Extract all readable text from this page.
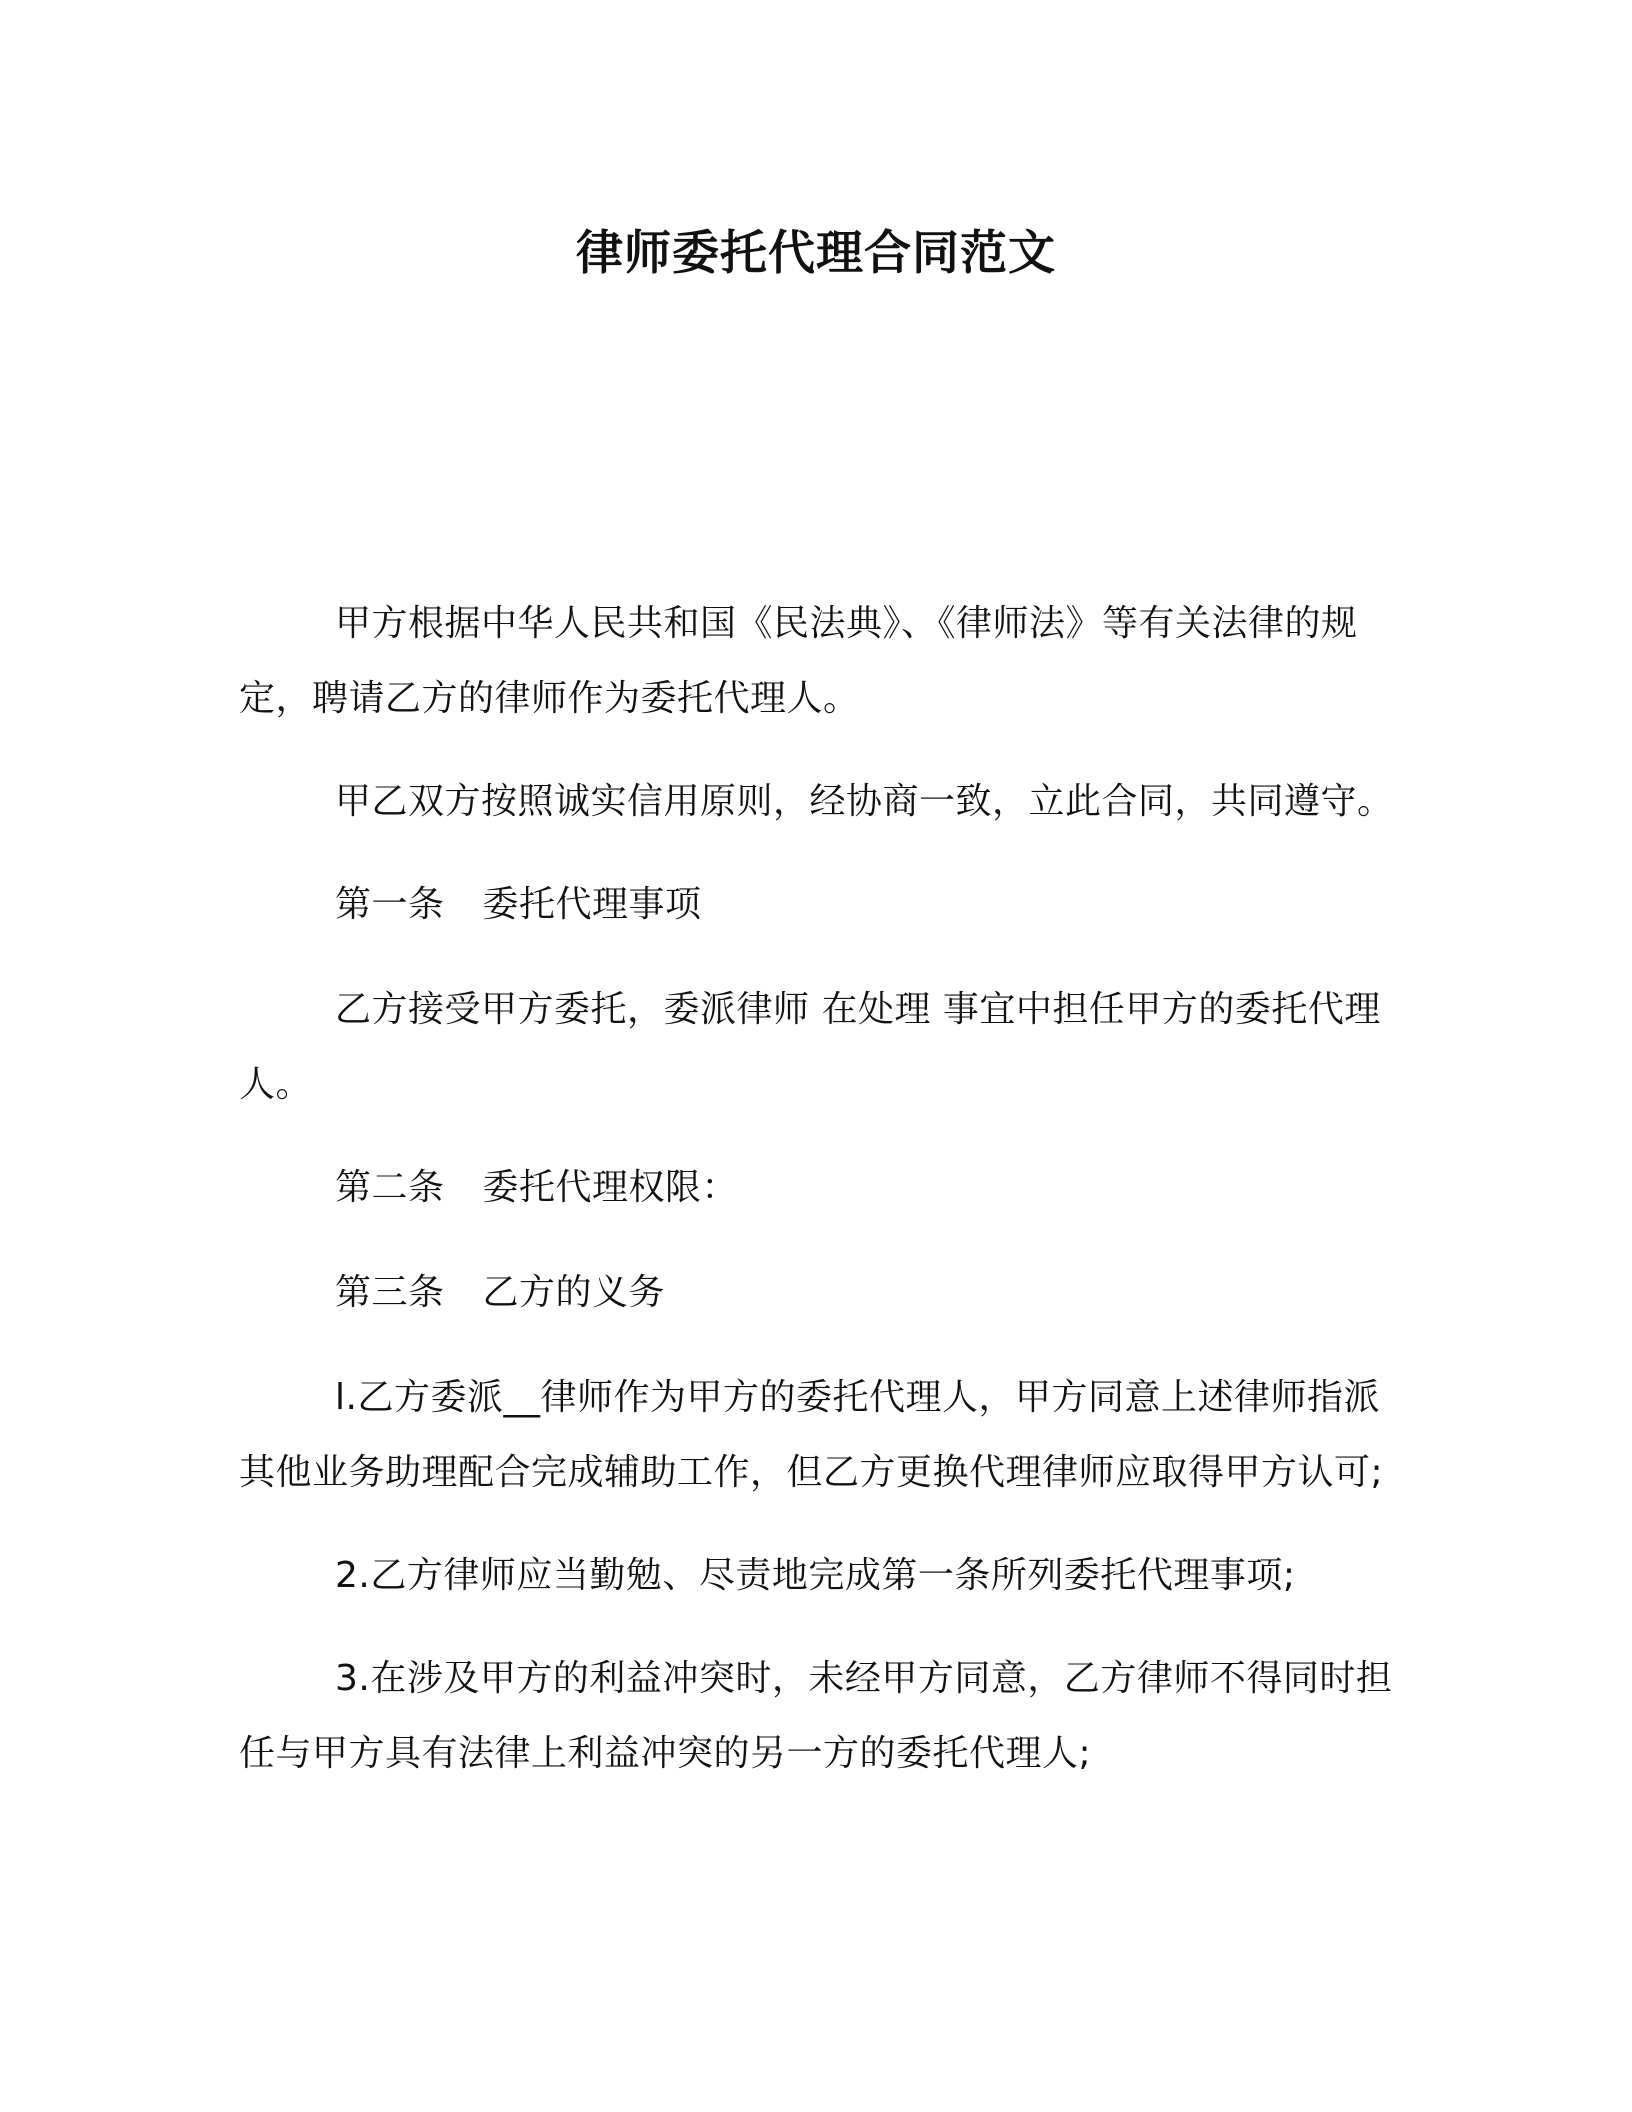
律师委托代理合同范文

甲方根据中华人民共和国《民法典》、《律师法》等有关法律的规定，聘请乙方的律师作为委托代理人。

甲乙双方按照诚实信用原则，经协商一致，立此合同，共同遵守。

第一条 委托代理事项

乙方接受甲方委托，委派律师 在处理 事宜中担任甲方的委托代理人。

第二条 委托代理权限：

第三条 乙方的义务

l.乙方委派__律师作为甲方的委托代理人，甲方同意上述律师指派其他业务助理配合完成辅助工作，但乙方更换代理律师应取得甲方认可;

2.乙方律师应当勤勉、尽责地完成第一条所列委托代理事项;

3.在涉及甲方的利益冲突时，未经甲方同意，乙方律师不得同时担任与甲方具有法律上利益冲突的另一方的委托代理人;
